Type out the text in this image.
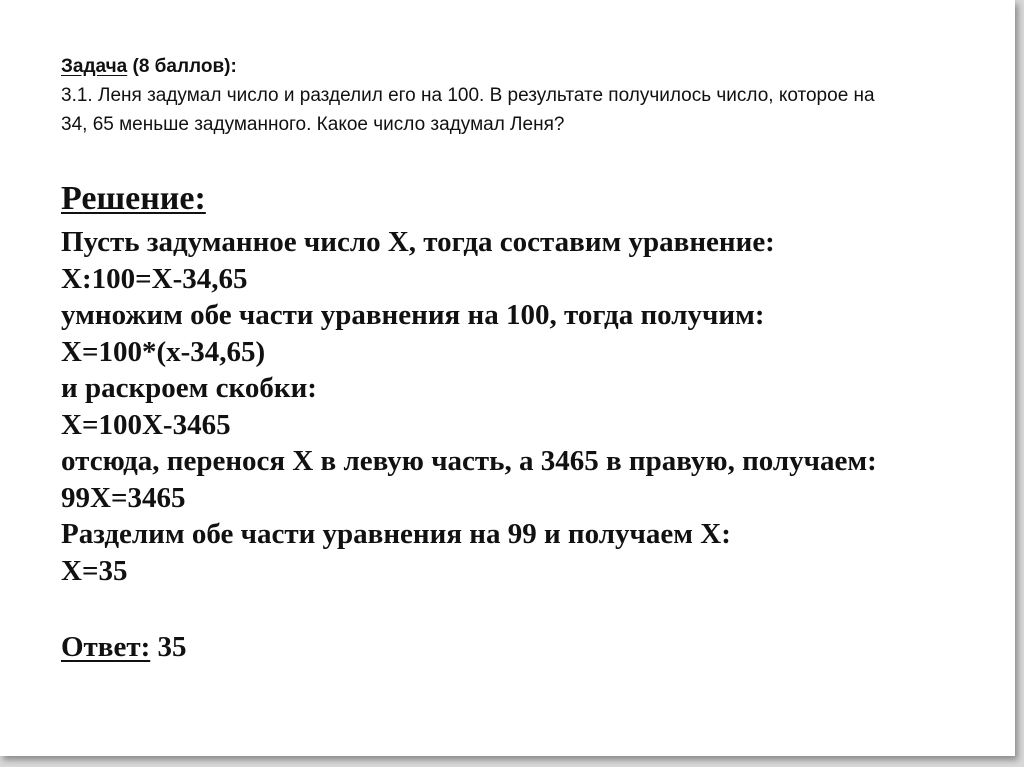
Задача (8 баллов):
3.1. Леня задумал число и разделил его на 100. В результате получилось число, которое на
34, 65 меньше задуманного. Какое число задумал Леня?
Решение:
Пусть задуманное число X, тогда составим уравнение:
X:100=X-34,65
умножим обе части уравнения на 100, тогда получим:
X=100*(x-34,65)
и раскроем скобки:
X=100X-3465
отсюда, перенося X в левую часть, а 3465 в правую, получаем:
99X=3465
Разделим обе части уравнения на 99 и получаем X:
X=35
Ответ: 35
